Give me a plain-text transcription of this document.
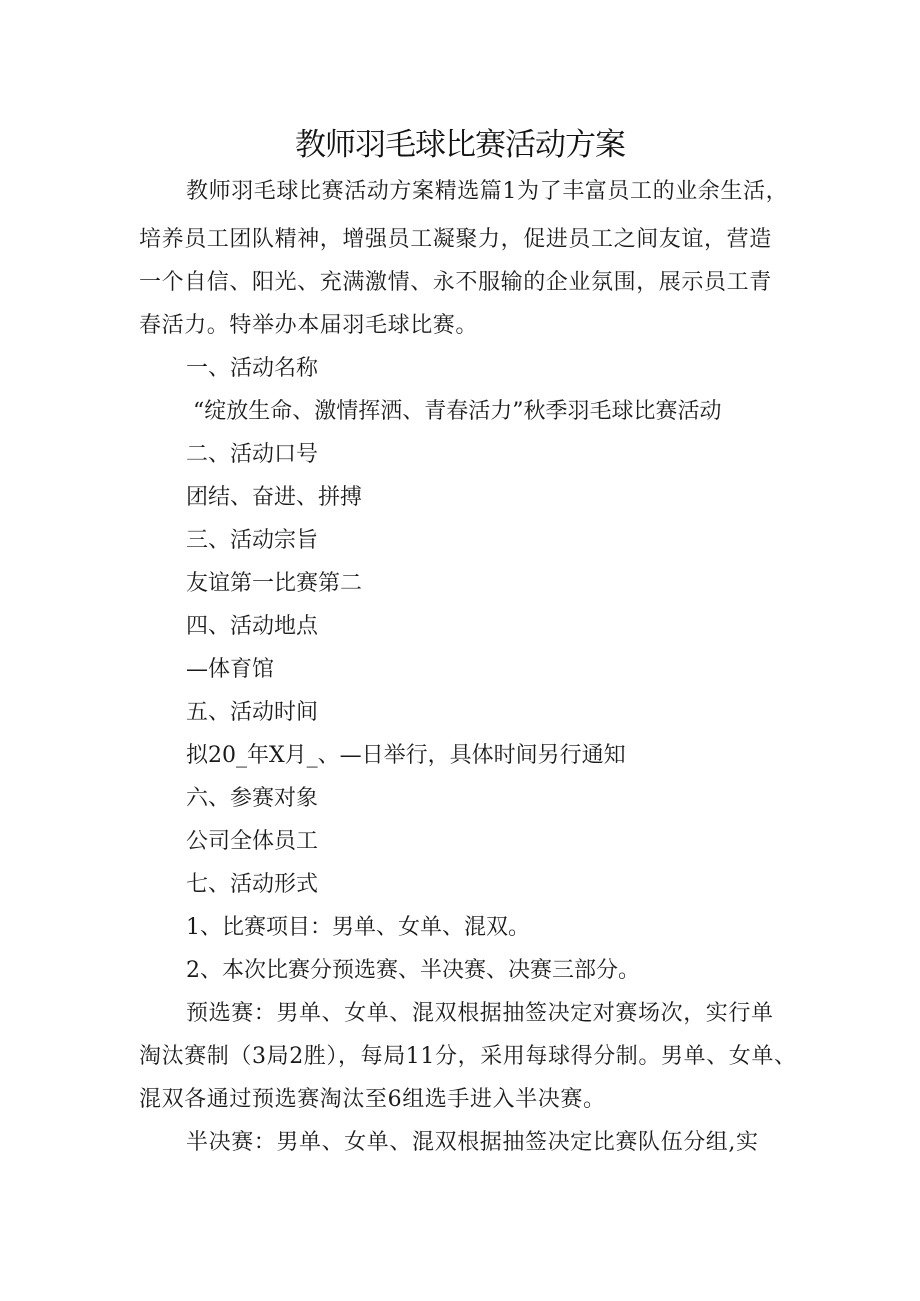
教师羽毛球比赛活动方案
教师羽毛球比赛活动方案精选篇1为了丰富员工的业余生活，
培养员工团队精神，增强员工凝聚力，促进员工之间友谊，营造
一个自信、阳光、充满激情、永不服输的企业氛围，展示员工青
春活力。特举办本届羽毛球比赛。
一、活动名称
“绽放生命、激情挥洒、青春活力”秋季羽毛球比赛活动
二、活动口号
团结、奋进、拼搏
三、活动宗旨
友谊第一比赛第二
四、活动地点
—体育馆
五、活动时间
拟20_年X月_、—日举行，具体时间另行通知
六、参赛对象
公司全体员工
七、活动形式
1、比赛项目：男单、女单、混双。
2、本次比赛分预选赛、半决赛、决赛三部分。
预选赛：男单、女单、混双根据抽签决定对赛场次，实行单
淘汰赛制（3局2胜），每局11分，采用每球得分制。男单、女单、
混双各通过预选赛淘汰至6组选手进入半决赛。
半决赛：男单、女单、混双根据抽签决定比赛队伍分组,实
